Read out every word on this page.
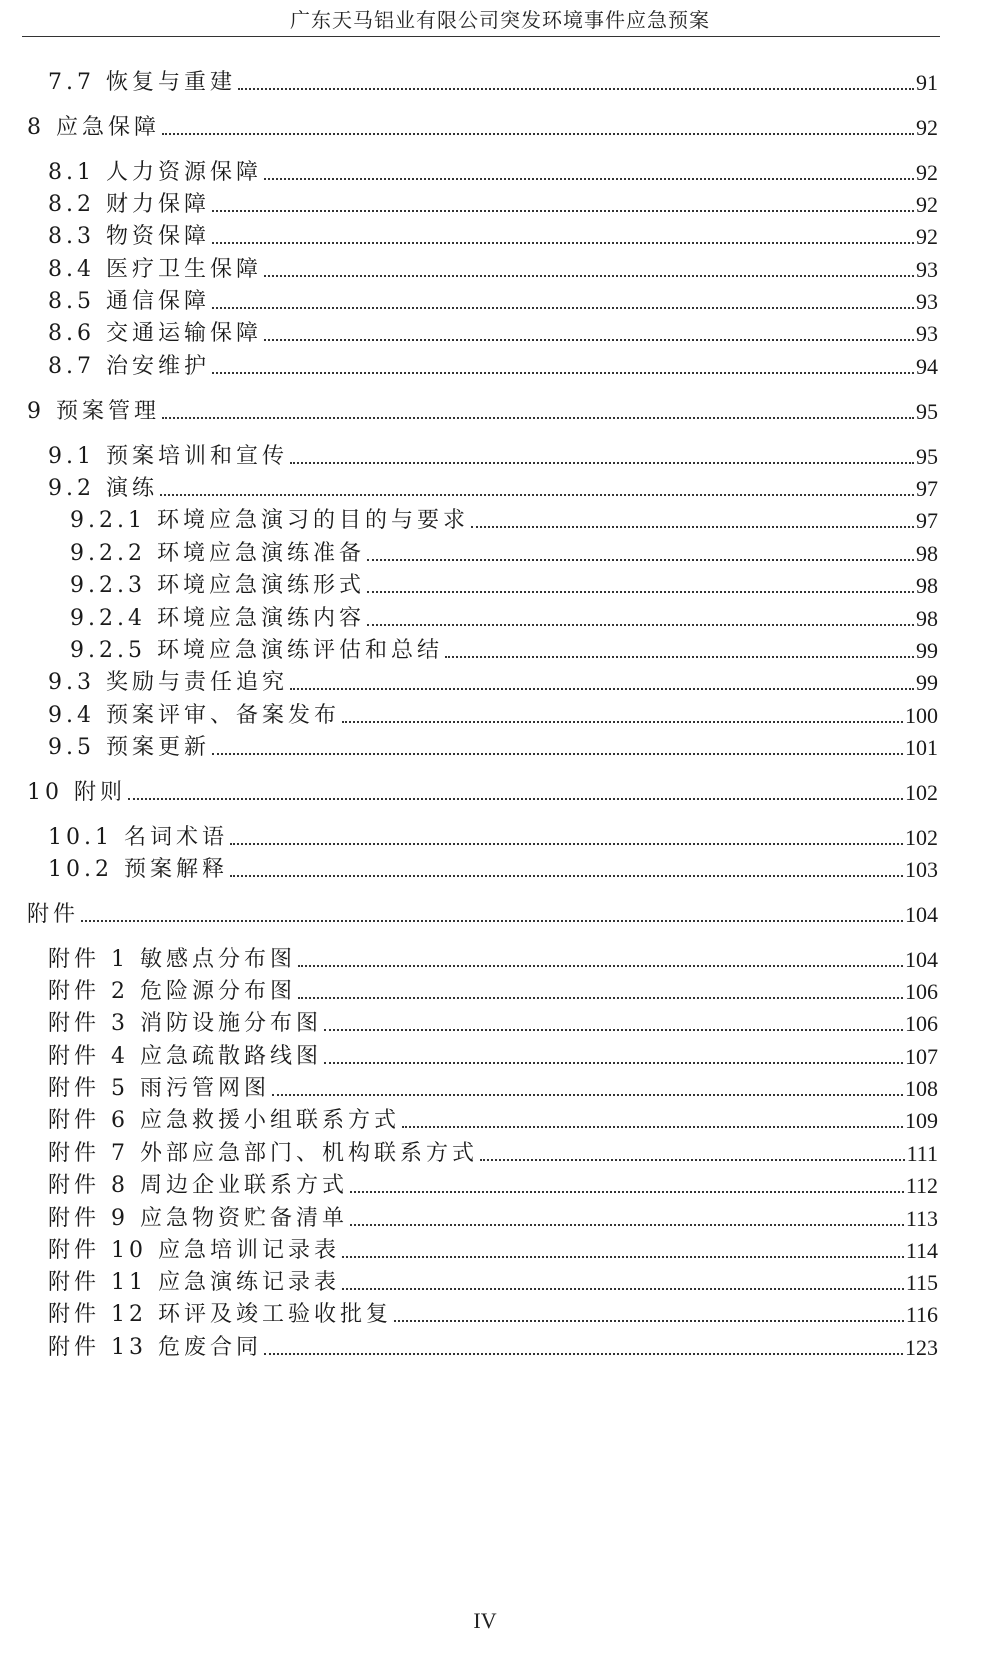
广东天马铝业有限公司突发环境事件应急预案
7.7 恢复与重建	91
8 应急保障	92
8.1 人力资源保障	92
8.2 财力保障	92
8.3 物资保障	92
8.4 医疗卫生保障	93
8.5 通信保障	93
8.6 交通运输保障	93
8.7 治安维护	94
9 预案管理	95
9.1 预案培训和宣传	95
9.2 演练	97
9.2.1 环境应急演习的目的与要求	97
9.2.2 环境应急演练准备	98
9.2.3 环境应急演练形式	98
9.2.4 环境应急演练内容	98
9.2.5 环境应急演练评估和总结	99
9.3 奖励与责任追究	99
9.4 预案评审、备案发布	100
9.5 预案更新	101
10 附则	102
10.1 名词术语	102
10.2 预案解释	103
附件	104
附件 1 敏感点分布图	104
附件 2 危险源分布图	106
附件 3 消防设施分布图	106
附件 4 应急疏散路线图	107
附件 5 雨污管网图	108
附件 6 应急救援小组联系方式	109
附件 7 外部应急部门、机构联系方式	111
附件 8 周边企业联系方式	112
附件 9 应急物资贮备清单	113
附件 10 应急培训记录表	114
附件 11 应急演练记录表	115
附件 12 环评及竣工验收批复	116
附件 13 危废合同	123
IV
